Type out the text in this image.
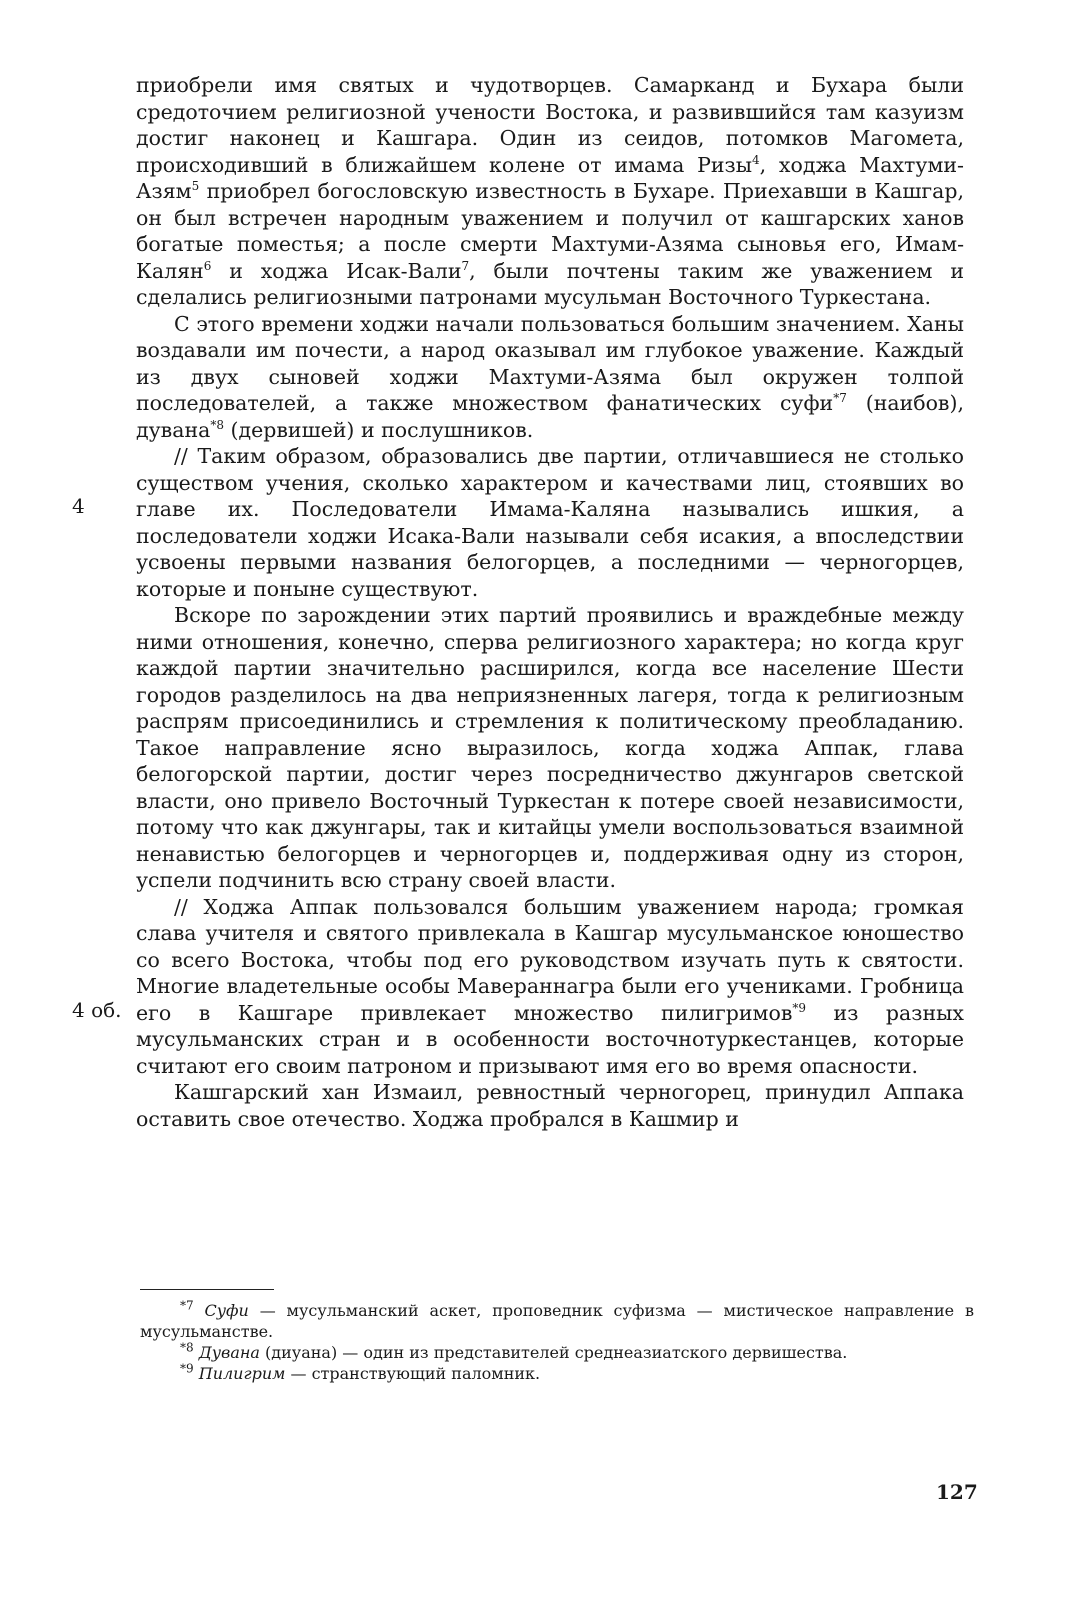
4
4 об.

приобрели имя святых и чудотворцев. Самарканд и Бухара были средоточием религиозной учености Востока, и развившийся там казуизм достиг наконец и Кашгара. Один из сеидов, потомков Магомета, происходивший в ближайшем колене от имама Ризы$^4$, ходжа Махтуми-Азям$^5$ приобрел богословскую известность в Бухаре. Приехавши в Кашгар, он был встречен народным уважением и получил от кашгарских ханов богатые поместья; а после смерти Махтуми-Азяма сыновья его, Имам-Калян$^6$ и ходжа Исак-Вали$^7$, были почтены таким же уважением и сделались религиозными патронами мусульман Восточного Туркестана.

С этого времени ходжи начали пользоваться большим значением. Ханы воздавали им почести, а народ оказывал им глубокое уважение. Каждый из двух сыновей ходжи Махтуми-Азяма был окружен толпой последователей, а также множеством фанатических суфи$^{*7}$ (наибов), дувана$^{*8}$ (дервишей) и послушников.

// Таким образом, образовались две партии, отличавшиеся не столько существом учения, сколько характером и качествами лиц, стоявших во главе их. Последователи Имама-Каляна назывались ишкия, а последователи ходжи Исака-Вали называли себя исакия, а впоследствии усвоены первыми названия белогорцев, а последними — черногорцев, которые и поныне существуют.

Вскоре по зарождении этих партий проявились и враждебные между ними отношения, конечно, сперва религиозного характера; но когда круг каждой партии значительно расширился, когда все население Шести городов разделилось на два неприязненных лагеря, тогда к религиозным распрям присоединились и стремления к политическому преобладанию. Такое направление ясно выразилось, когда ходжа Аппак, глава белогорской партии, достиг через посредничество джунгаров светской власти, оно привело Восточный Туркестан к потере своей независимости, потому что как джунгары, так и китайцы умели воспользоваться взаимной ненавистью белогорцев и черногорцев и, поддерживая одну из сторон, успели подчинить всю страну своей власти.

// Ходжа Аппак пользовался большим уважением народа; громкая слава учителя и святого привлекала в Кашгар мусульманское юношество со всего Востока, чтобы под его руководством изучать путь к святости. Многие владетельные особы Мавераннагра были его учениками. Гробница его в Кашгаре привлекает множество пилигримов$^{*9}$ из разных мусульманских стран и в особенности восточнотуркестанцев, которые считают его своим патроном и призывают имя его во время опасности.

Кашгарский хан Измаил, ревностный черногорец, принудил Аппака оставить свое отечество. Ходжа пробрался в Кашмир и

$^{*7}$ Суфи — мусульманский аскет, проповедник суфизма — мистическое направление в мусульманстве.

$^{*8}$ Дувана (диуана) — один из представителей среднеазиатского дервишества.

$^{*9}$ Пилигрим — странствующий паломник.

127
